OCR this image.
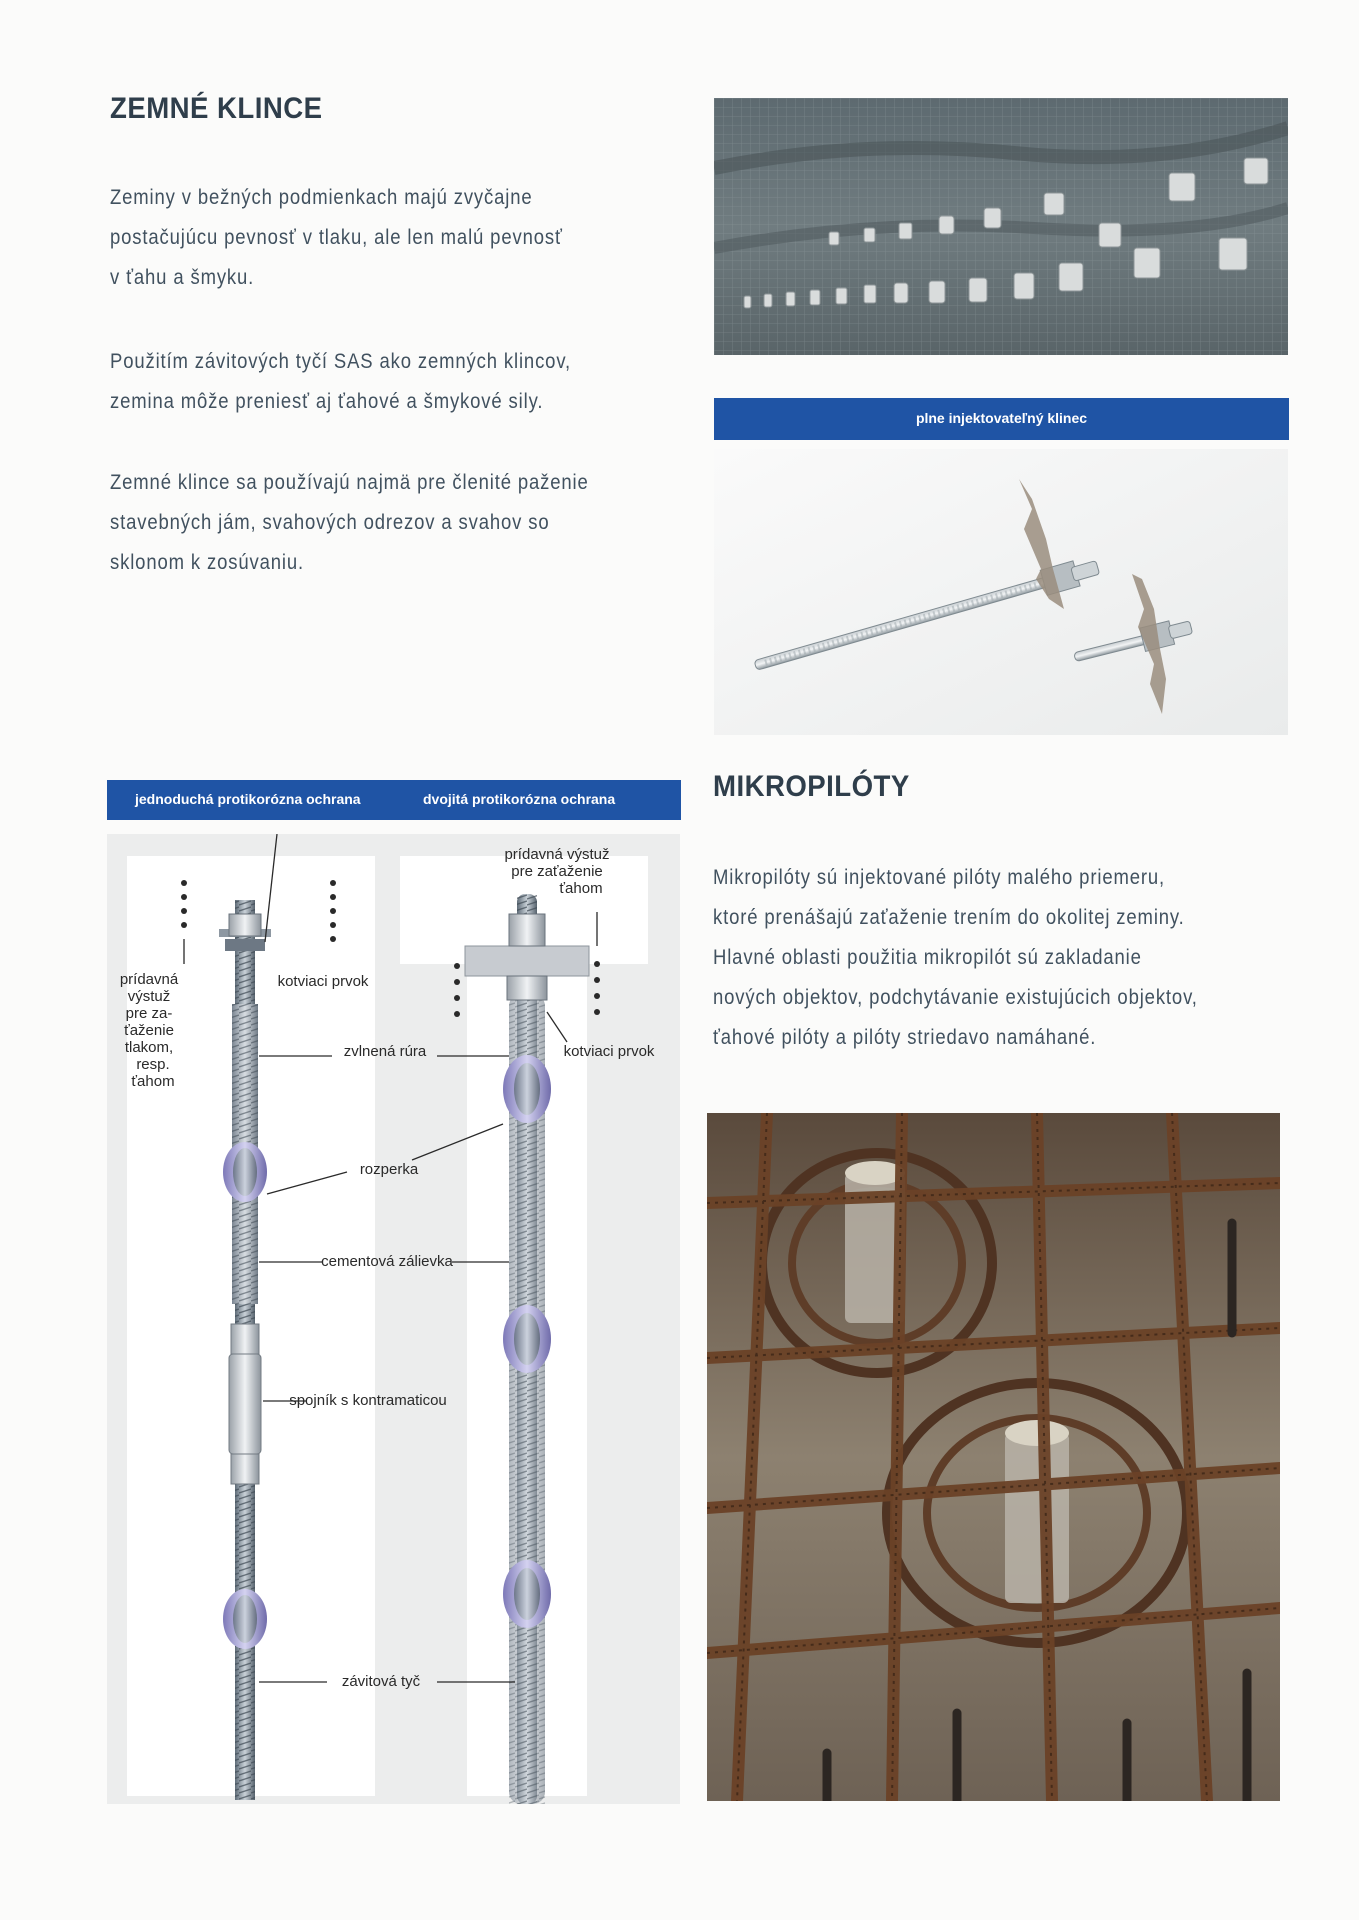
ZEMNÉ KLINCE

Zeminy v bežných podmienkach majú zvyčajne

postačujúcu pevnosť v tlaku, ale len malú pevnosť

v ťahu a šmyku.

Použitím závitových tyčí SAS ako zemných klincov,

zemina môže preniesť aj ťahové a šmykové sily.

Zemné klince sa používajú najmä pre členité paženie

stavebných jám, svahových odrezov a svahov so

sklonom k zosúvaniu.

plne injektovateľný klinec
jednoduchá protikorózna ochrana	dvojitá protikorózna ochrana
prídavná výstuž
pre zaťaženie
ťahom
prídavná
výstuž
pre za-
ťaženie
tlakom,
resp.
ťahom
kotviaci prvok
kotviaci prvok
zvlnená rúra
rozperka
cementová zálievka
spojník s kontramaticou
závitová tyč
MIKROPILÓTY

Mikropilóty sú injektované pilóty malého priemeru,

ktoré prenášajú zaťaženie trením do okolitej zeminy.

Hlavné oblasti použitia mikropilót sú zakladanie

nových objektov, podchytávanie existujúcich objektov,

ťahové pilóty a pilóty striedavo namáhané.
